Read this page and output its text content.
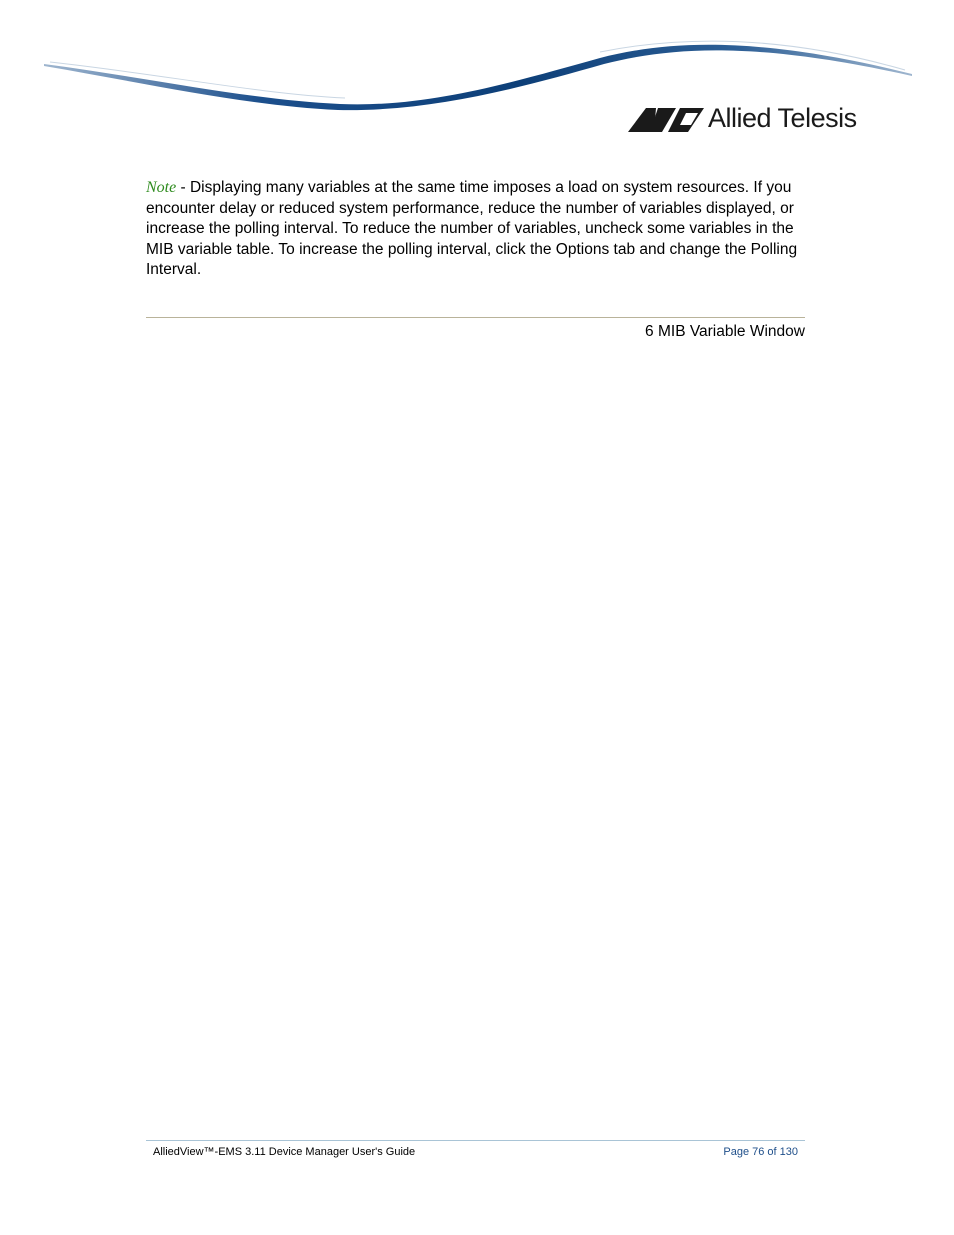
Allied Telesis

Note - Displaying many variables at the same time imposes a load on system resources. If you encounter delay or reduced system performance, reduce the number of variables displayed, or increase the polling interval. To reduce the number of variables, uncheck some variables in the MIB variable table. To increase the polling interval, click the Options tab and change the Polling Interval.

6 MIB Variable Window
AlliedView™-EMS 3.11 Device Manager User's Guide	Page 76 of 130
